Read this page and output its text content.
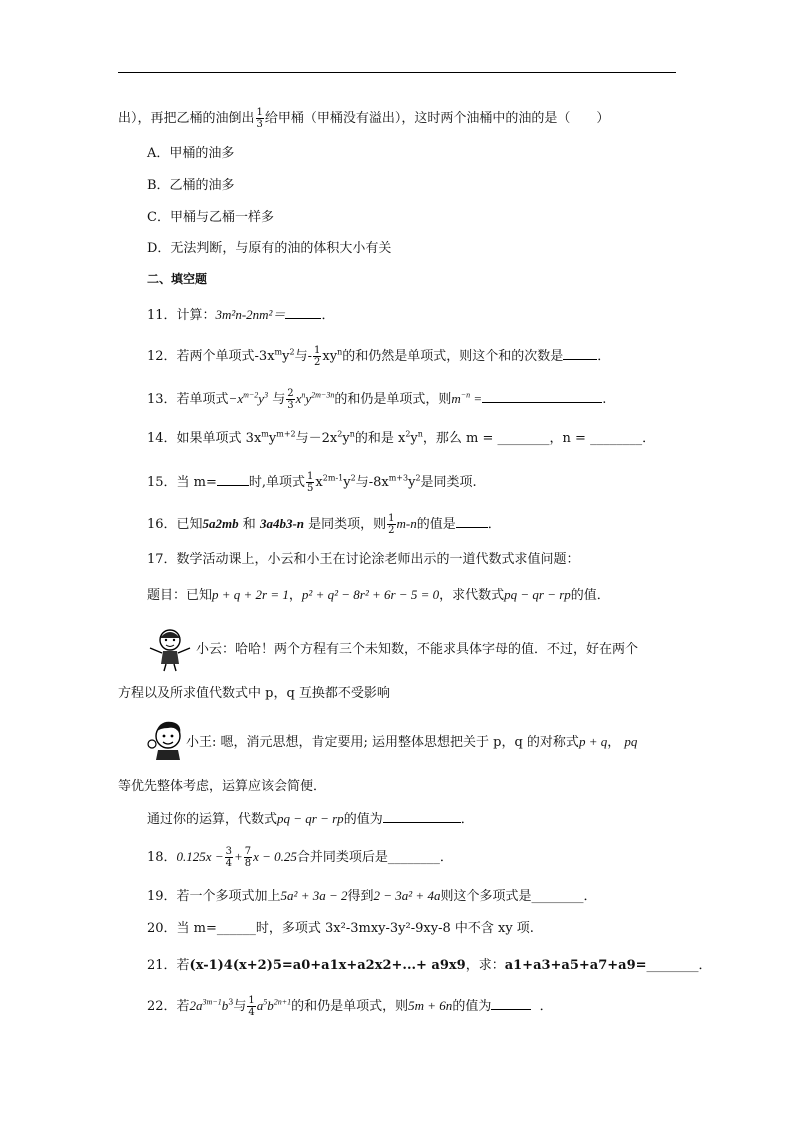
出），再把乙桶的油倒出 $\frac{1}{3}$ 给甲桶（甲桶没有溢出），这时两个油桶中的油的是（　　）
A．甲桶的油多
B．乙桶的油多
C．甲桶与乙桶一样多
D．无法判断，与原有的油的体积大小有关
二、填空题
11．计算：3m²n-2nm²＝	．
12．若两个单项式$-3x^my^2$与- $\frac{1}{2} xy^n$的和仍然是单项式，则这个和的次数是	．
13．若单项式$-x^{m-2}y^3$ 与 $\frac{2}{3} x^ny^{2m-3n}$的和仍是单项式，则$m^{-n}$ =	.
14．如果单项式 $3x^my^{m+2}$与$-2x^2y^n$的和是 $x^2y^n$，那么 m = ________，n = ________．
15．当 m= 时,单项式 $\frac{1}{5} x^{2m-1}y^2$与$-8x^{m+3}y^2$是同类项.
16．已知5a2mb 和 3a4b3-n 是同类项，则 $\frac{1}{2} m-n$的值是 ．
17．数学活动课上，小云和小王在讨论涂老师出示的一道代数式求值问题：
题目：已知p + q + 2r = 1，p² + q² − 8r² + 6r − 5 = 0，求代数式pq − qr − rp的值．
小云：哈哈！两个方程有三个未知数，不能求具体字母的值．不过，好在两个
方程以及所求值代数式中 p，q 互换都不受影响
小王: 嗯，消元思想，肯定要用; 运用整体思想把关于 p，q 的对称式p + q， pq
等优先整体考虑，运算应该会简便．
通过你的运算，代数式pq − qr − rp的值为	．
18．$0.125x - \frac{3}{4} + \frac{7}{8}$ x − 0.25合并同类项后是________．
19．若一个多项式加上5a² + 3a − 2得到2 − 3a² + 4a则这个多项式是________．
20．当 m=______时，多项式 3x²-3mxy-3y²-9xy-8 中不含 xy 项.
21．若(x-1)4(x+2)5=a0+a1x+a2x2+...+ a9x9，求：a1+a3+a5+a7+a9=________．
22．若$2a^{3m-1}b^3$与 $\frac{1}{4} a^5b^{2n+1}$的和仍是单项式，则5m + 6n的值为	．
